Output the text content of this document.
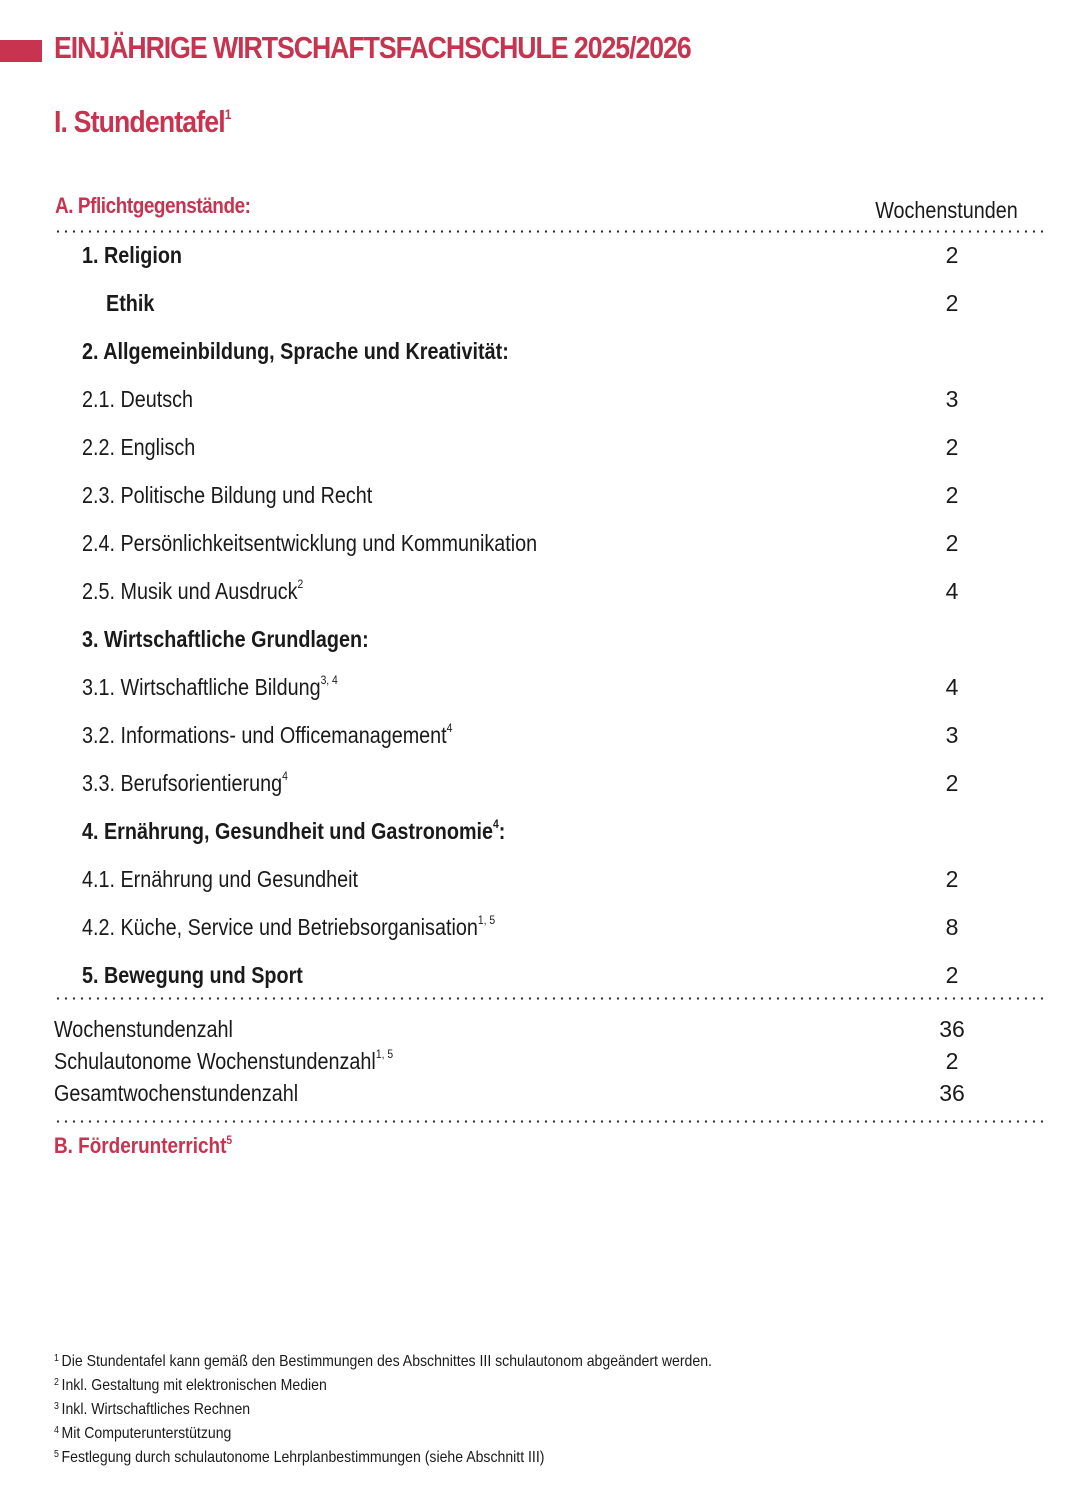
EINJÄHRIGE WIRTSCHAFTSFACHSCHULE 2025/2026
I. Stundentafel$^1$
A. Pflichtgegenstände:	Wochenstunden
1. Religion	2
Ethik	2
2. Allgemeinbildung, Sprache und Kreativität:
2.1. Deutsch	3
2.2. Englisch	2
2.3. Politische Bildung und Recht	2
2.4. Persönlichkeitsentwicklung und Kommunikation	2
2.5. Musik und Ausdruck$^2$	4
3. Wirtschaftliche Grundlagen:
3.1. Wirtschaftliche Bildung$^{3, 4}$	4
3.2. Informations- und Officemanagement$^4$	3
3.3. Berufsorientierung$^4$	2
4. Ernährung, Gesundheit und Gastronomie$^4$:
4.1. Ernährung und Gesundheit	2
4.2. Küche, Service und Betriebsorganisation$^{1, 5}$	8
5. Bewegung und Sport	2
Wochenstundenzahl	36
Schulautonome Wochenstundenzahl$^{1, 5}$	2
Gesamtwochenstundenzahl	36
B. Förderunterricht$^5$
$^1$ Die Stundentafel kann gemäß den Bestimmungen des Abschnittes III schulautonom abgeändert werden.
$^2$ Inkl. Gestaltung mit elektronischen Medien
$^3$ Inkl. Wirtschaftliches Rechnen
$^4$ Mit Computerunterstützung
$^5$ Festlegung durch schulautonome Lehrplanbestimmungen (siehe Abschnitt III)
